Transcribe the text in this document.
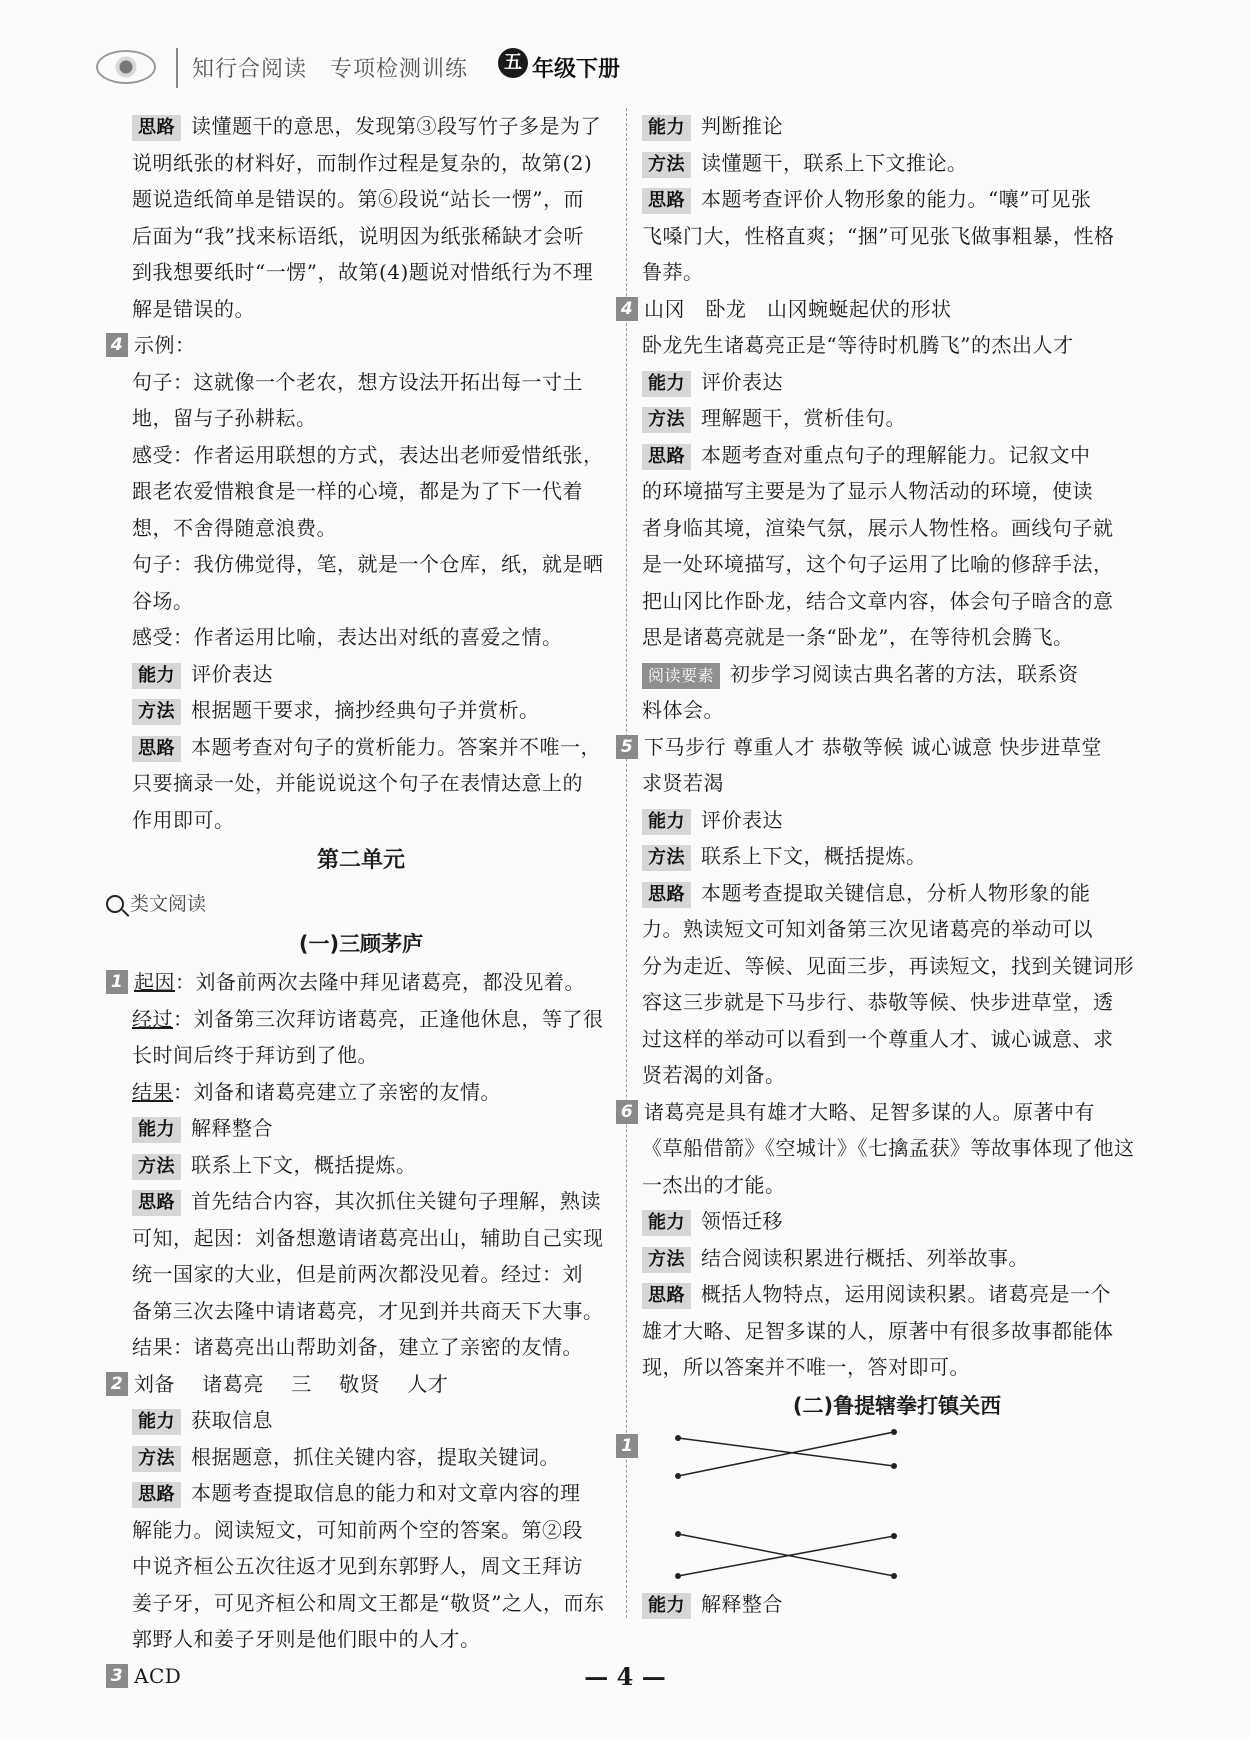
知行合阅读　专项检测训练	五 年级下册
思路 读懂题干的意思，发现第③段写竹子多是为了
说明纸张的材料好，而制作过程是复杂的，故第(2)
题说造纸简单是错误的。第⑥段说“站长一愣”，而
后面为“我”找来标语纸，说明因为纸张稀缺才会听
到我想要纸时“一愣”，故第(4)题说对惜纸行为不理
解是错误的。
4 示例：
句子：这就像一个老农，想方设法开拓出每一寸土
地，留与子孙耕耘。
感受：作者运用联想的方式，表达出老师爱惜纸张，
跟老农爱惜粮食是一样的心境，都是为了下一代着
想，不舍得随意浪费。
句子：我仿佛觉得，笔，就是一个仓库，纸，就是晒
谷场。
感受：作者运用比喻，表达出对纸的喜爱之情。
能力 评价表达
方法 根据题干要求，摘抄经典句子并赏析。
思路 本题考查对句子的赏析能力。答案并不唯一，
只要摘录一处，并能说说这个句子在表情达意上的
作用即可。
第二单元
类文阅读
(一)三顾茅庐
1 起因：刘备前两次去隆中拜见诸葛亮，都没见着。
经过：刘备第三次拜访诸葛亮，正逢他休息，等了很
长时间后终于拜访到了他。
结果：刘备和诸葛亮建立了亲密的友情。
能力 解释整合
方法 联系上下文，概括提炼。
思路 首先结合内容，其次抓住关键句子理解，熟读
可知，起因：刘备想邀请诸葛亮出山，辅助自己实现
统一国家的大业，但是前两次都没见着。经过：刘
备第三次去隆中请诸葛亮，才见到并共商天下大事。
结果：诸葛亮出山帮助刘备，建立了亲密的友情。
2 刘备　 诸葛亮　 三　 敬贤　 人才
能力 获取信息
方法 根据题意，抓住关键内容，提取关键词。
思路 本题考查提取信息的能力和对文章内容的理
解能力。阅读短文，可知前两个空的答案。第②段
中说齐桓公五次往返才见到东郭野人，周文王拜访
姜子牙，可见齐桓公和周文王都是“敬贤”之人，而东
郭野人和姜子牙则是他们眼中的人才。
3 ACD
能力 判断推论
方法 读懂题干，联系上下文推论。
思路 本题考查评价人物形象的能力。“嚷”可见张
飞嗓门大，性格直爽；“捆”可见张飞做事粗暴，性格
鲁莽。
4 山冈　卧龙　山冈蜿蜒起伏的形状
卧龙先生诸葛亮正是“等待时机腾飞”的杰出人才
能力 评价表达
方法 理解题干，赏析佳句。
思路 本题考查对重点句子的理解能力。记叙文中
的环境描写主要是为了显示人物活动的环境，使读
者身临其境，渲染气氛，展示人物性格。画线句子就
是一处环境描写，这个句子运用了比喻的修辞手法，
把山冈比作卧龙，结合文章内容，体会句子暗含的意
思是诸葛亮就是一条“卧龙”，在等待机会腾飞。
阅读要素 初步学习阅读古典名著的方法，联系资
料体会。
5 下马步行 尊重人才 恭敬等候 诚心诚意 快步进草堂
求贤若渴
能力 评价表达
方法 联系上下文，概括提炼。
思路 本题考查提取关键信息，分析人物形象的能
力。熟读短文可知刘备第三次见诸葛亮的举动可以
分为走近、等候、见面三步，再读短文，找到关键词形
容这三步就是下马步行、恭敬等候、快步进草堂，透
过这样的举动可以看到一个尊重人才、诚心诚意、求
贤若渴的刘备。
6 诸葛亮是具有雄才大略、足智多谋的人。原著中有
《草船借箭》《空城计》《七擒孟获》等故事体现了他这
一杰出的才能。
能力 领悟迁移
方法 结合阅读积累进行概括、列举故事。
思路 概括人物特点，运用阅读积累。诸葛亮是一个
雄才大略、足智多谋的人，原著中有很多故事都能体
现，所以答案并不唯一，答对即可。
(二)鲁提辖拳打镇关西
1
能力 解释整合
— 4 —
